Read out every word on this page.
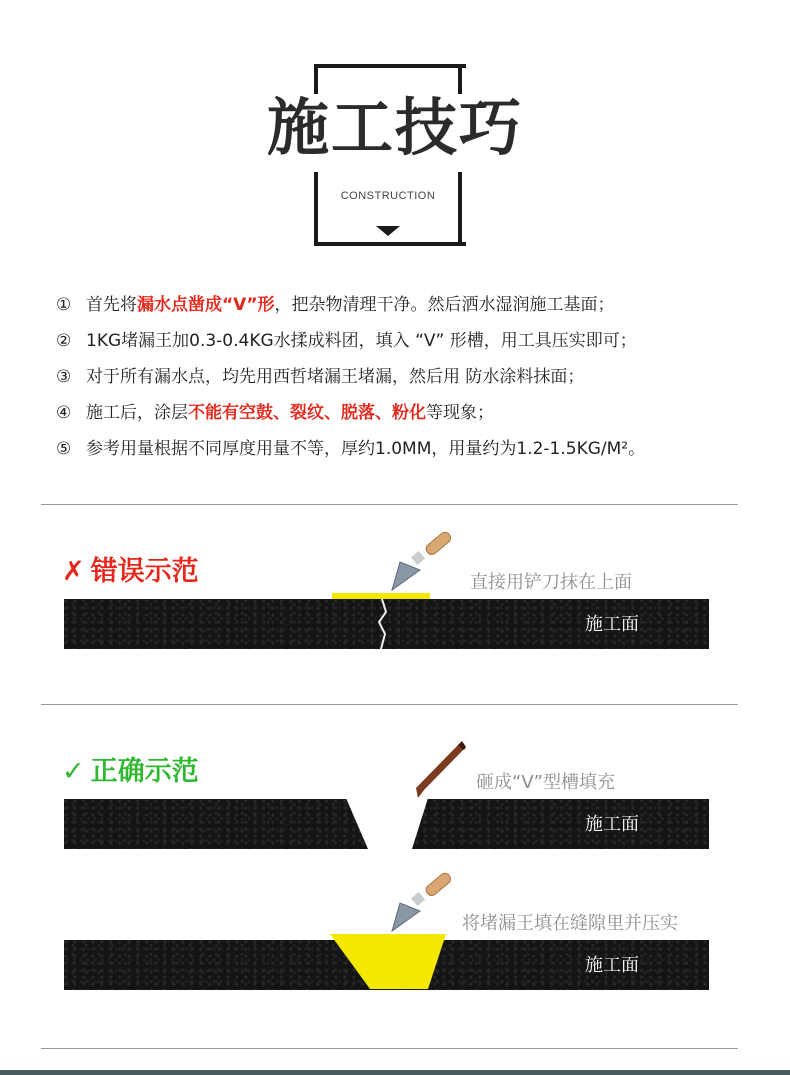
施工技巧
CONSTRUCTION
① 首先将漏水点凿成“V”形，把杂物清理干净。然后洒水湿润施工基面；
② 1KG堵漏王加0.3-0.4KG水揉成料团，填入 “V” 形槽，用工具压实即可；
③ 对于所有漏水点，均先用西哲堵漏王堵漏，然后用 防水涂料抹面；
④ 施工后，涂层不能有空鼓、裂纹、脱落、粉化等现象；
⑤ 参考用量根据不同厚度用量不等，厚约1.0MM，用量约为1.2-1.5KG/M²。
✗ 错误示范	直接用铲刀抹在上面
施工面
✓ 正确示范	砸成“V”型槽填充
施工面
将堵漏王填在缝隙里并压实
施工面
